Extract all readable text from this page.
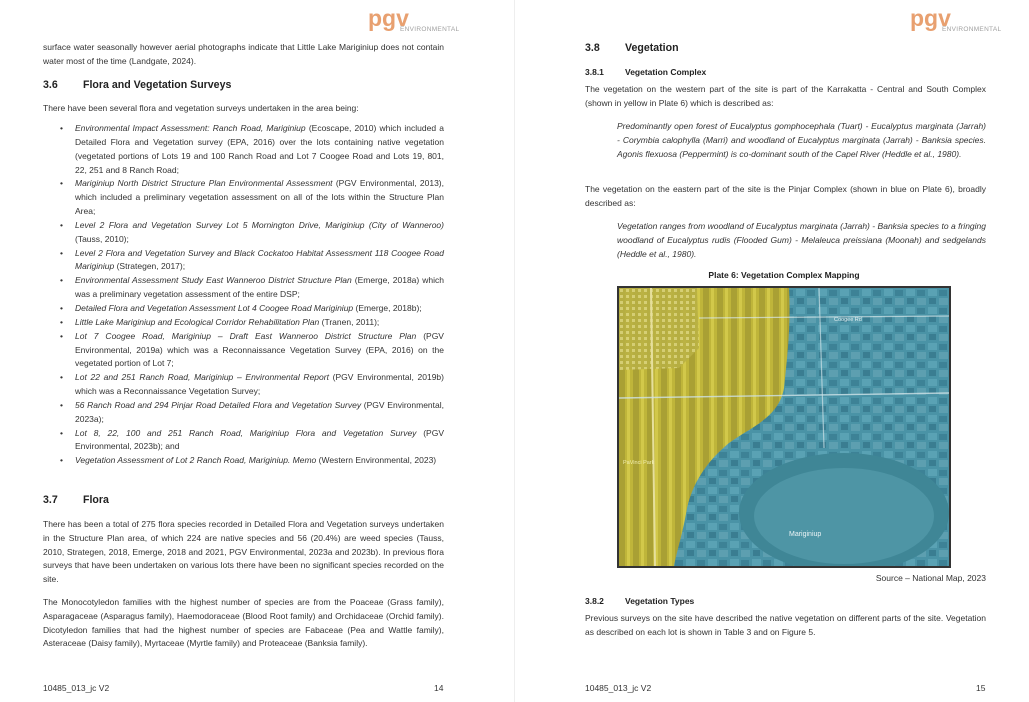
pgv
ENVIRONMENTAL
surface water seasonally however aerial photographs indicate that Little Lake Mariginiup does not contain water most of the time (Landgate, 2024).
3.6 Flora and Vegetation Surveys
There have been several flora and vegetation surveys undertaken in the area being:
• Environmental Impact Assessment: Ranch Road, Mariginiup (Ecoscape, 2010) which included a Detailed Flora and Vegetation survey (EPA, 2016) over the lots containing native vegetation (vegetated portions of Lots 19 and 100 Ranch Road and Lot 7 Coogee Road and Lots 19, 801, 22, 251 and 8 Ranch Road;
• Mariginiup North District Structure Plan Environmental Assessment (PGV Environmental, 2013), which included a preliminary vegetation assessment on all of the lots within the Structure Plan Area;
• Level 2 Flora and Vegetation Survey Lot 5 Mornington Drive, Mariginiup (City of Wanneroo) (Tauss, 2010);
• Level 2 Flora and Vegetation Survey and Black Cockatoo Habitat Assessment 118 Coogee Road Mariginiup (Strategen, 2017);
• Environmental Assessment Study East Wanneroo District Structure Plan (Emerge, 2018a) which was a preliminary vegetation assessment of the entire DSP;
• Detailed Flora and Vegetation Assessment Lot 4 Coogee Road Mariginiup (Emerge, 2018b);
• Little Lake Mariginiup and Ecological Corridor Rehabilitation Plan (Tranen, 2011);
• Lot 7 Coogee Road, Mariginiup – Draft East Wanneroo District Structure Plan (PGV Environmental, 2019a) which was a Reconnaissance Vegetation Survey (EPA, 2016) on the vegetated portion of Lot 7;
• Lot 22 and 251 Ranch Road, Mariginiup – Environmental Report (PGV Environmental, 2019b) which was a Reconnaissance Vegetation Survey;
• 56 Ranch Road and 294 Pinjar Road Detailed Flora and Vegetation Survey (PGV Environmental, 2023a);
• Lot 8, 22, 100 and 251 Ranch Road, Mariginiup Flora and Vegetation Survey (PGV Environmental, 2023b); and
• Vegetation Assessment of Lot 2 Ranch Road, Mariginiup. Memo (Western Environmental, 2023)
3.7 Flora
There has been a total of 275 flora species recorded in Detailed Flora and Vegetation surveys undertaken in the Structure Plan area, of which 224 are native species and 56 (20.4%) are weed species (Tauss, 2010, Strategen, 2018, Emerge, 2018 and 2021, PGV Environmental, 2023a and 2023b). In previous flora surveys that have been undertaken on various lots there have been no significant species recorded on the site.
The Monocotyledon families with the highest number of species are from the Poaceae (Grass family), Asparagaceae (Asparagus family), Haemodoraceae (Blood Root family) and Orchidaceae (Orchid family). Dicotyledon families that had the highest number of species are Fabaceae (Pea and Wattle family), Asteraceae (Daisy family), Myrtaceae (Myrtle family) and Proteaceae (Banksia family).
10485_013_jc V2	14
pgv
ENVIRONMENTAL
3.8 Vegetation
3.8.1 Vegetation Complex
The vegetation on the western part of the site is part of the Karrakatta - Central and South Complex (shown in yellow in Plate 6) which is described as:
Predominantly open forest of Eucalyptus gomphocephala (Tuart) - Eucalyptus marginata (Jarrah) - Corymbia calophylla (Marri) and woodland of Eucalyptus marginata (Jarrah) - Banksia species. Agonis flexuosa (Peppermint) is co-dominant south of the Capel River (Heddle et al., 1980).
The vegetation on the eastern part of the site is the Pinjar Complex (shown in blue on Plate 6), broadly described as:
Vegetation ranges from woodland of Eucalyptus marginata (Jarrah) - Banksia species to a fringing woodland of Eucalyptus rudis (Flooded Gum) - Melaleuca preissiana (Moonah) and sedgelands (Heddle et al., 1980).
Plate 6: Vegetation Complex Mapping
Coogee Rd
PaVinci Park
Mariginiup
Source – National Map, 2023
3.8.2 Vegetation Types
Previous surveys on the site have described the native vegetation on different parts of the site. Vegetation as described on each lot is shown in Table 3 and on Figure 5.
10485_013_jc V2	15
